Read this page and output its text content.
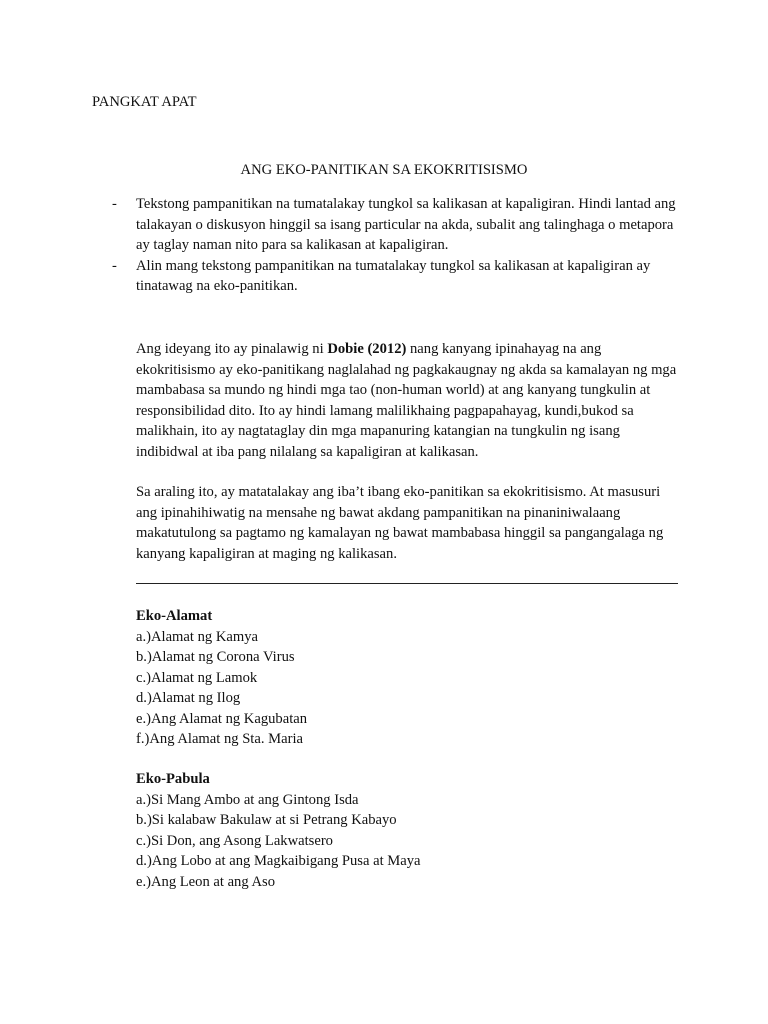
PANGKAT APAT
ANG EKO-PANITIKAN SA EKOKRITISISMO
- Tekstong pampanitikan na tumatalakay tungkol sa kalikasan at kapaligiran. Hindi lantad ang talakayan o diskusyon hinggil sa isang particular na akda, subalit ang talinghaga o metapora ay taglay naman nito para sa kalikasan at kapaligiran.
- Alin mang tekstong pampanitikan na tumatalakay tungkol sa kalikasan at kapaligiran ay tinatawag na eko-panitikan.

Ang ideyang ito ay pinalawig ni Dobie (2012) nang kanyang ipinahayag na ang ekokritisismo ay eko-panitikang naglalahad ng pagkakaugnay ng akda sa kamalayan ng mga mambabasa sa mundo ng hindi mga tao (non-human world) at ang kanyang tungkulin at responsibilidad dito. Ito ay hindi lamang malilikhaing pagpapahayag, kundi,bukod sa malikhain, ito ay nagtataglay din mga mapanuring katangian na tungkulin ng isang indibidwal at iba pang nilalang sa kapaligiran at kalikasan.

Sa araling ito, ay matatalakay ang iba’t ibang eko-panitikan sa ekokritisismo. At masusuri ang ipinahihiwatig na mensahe ng bawat akdang pampanitikan na pinaniniwalaang makatutulong sa pagtamo ng kamalayan ng bawat mambabasa hinggil sa pangangalaga ng kanyang kapaligiran at maging ng kalikasan.

Eko-Alamat

a.)Alamat ng Kamya
b.)Alamat ng Corona Virus
c.)Alamat ng Lamok
d.)Alamat ng Ilog
e.)Ang Alamat ng Kagubatan
f.)Ang Alamat ng Sta. Maria

Eko-Pabula

a.)Si Mang Ambo at ang Gintong Isda
b.)Si kalabaw Bakulaw at si Petrang Kabayo
c.)Si Don, ang Asong Lakwatsero
d.)Ang Lobo at ang Magkaibigang Pusa at Maya
e.)Ang Leon at ang Aso
